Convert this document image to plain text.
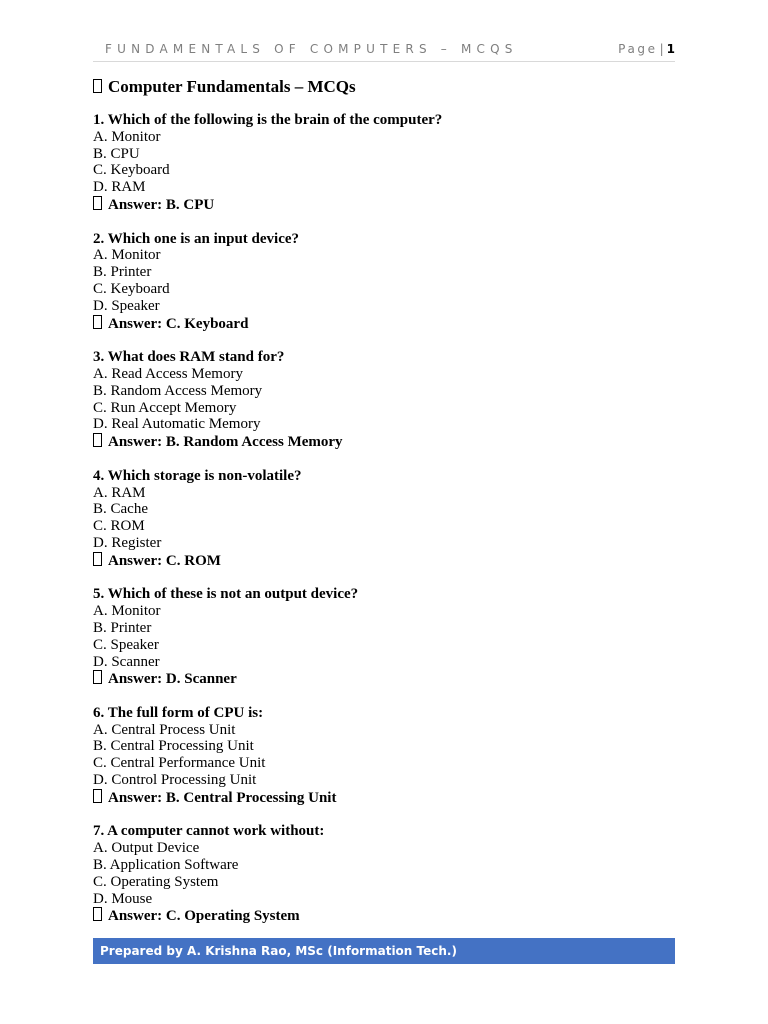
FUNDAMENTALS OF COMPUTERS – MCQS	Page | 1
Computer Fundamentals – MCQs
1. Which of the following is the brain of the computer?
A. Monitor
B. CPU
C. Keyboard
D. RAM
Answer: B. CPU
2. Which one is an input device?
A. Monitor
B. Printer
C. Keyboard
D. Speaker
Answer: C. Keyboard
3. What does RAM stand for?
A. Read Access Memory
B. Random Access Memory
C. Run Accept Memory
D. Real Automatic Memory
Answer: B. Random Access Memory
4. Which storage is non-volatile?
A. RAM
B. Cache
C. ROM
D. Register
Answer: C. ROM
5. Which of these is not an output device?
A. Monitor
B. Printer
C. Speaker
D. Scanner
Answer: D. Scanner
6. The full form of CPU is:
A. Central Process Unit
B. Central Processing Unit
C. Central Performance Unit
D. Control Processing Unit
Answer: B. Central Processing Unit
7. A computer cannot work without:
A. Output Device
B. Application Software
C. Operating System
D. Mouse
Answer: C. Operating System
Prepared by A. Krishna Rao, MSc (Information Tech.)
